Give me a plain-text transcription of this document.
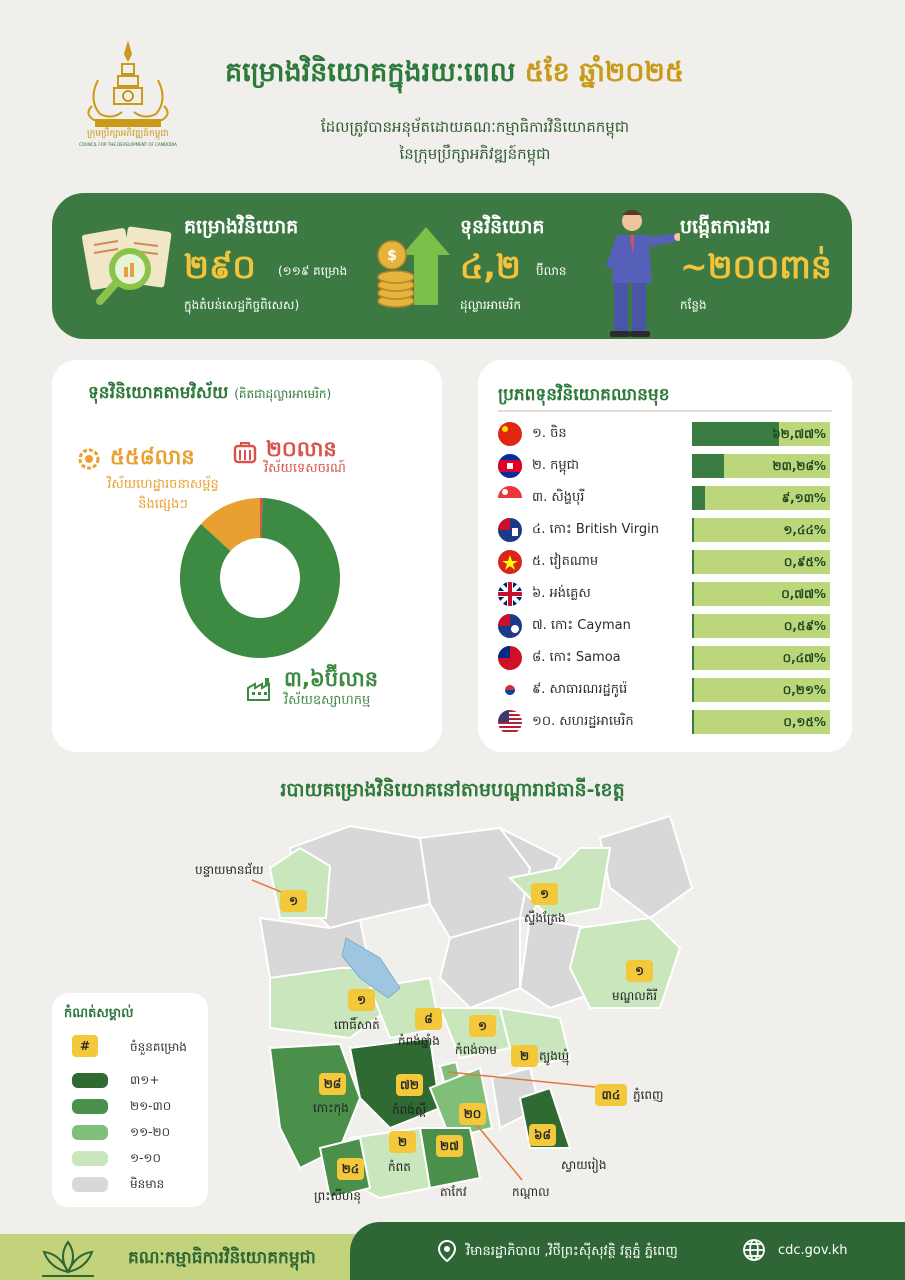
ក្រុមប្រឹក្សាអភិវឌ្ឍន៍កម្ពុជា
COUNCIL FOR THE DEVELOPMENT OF CAMBODIA
គម្រោងវិនិយោគក្នុងរយៈពេល ៥ខែ ឆ្នាំ២០២៥
ដែលត្រូវបានអនុម័តដោយគណៈកម្មាធិការវិនិយោគកម្ពុជា
នៃក្រុមប្រឹក្សាអភិវឌ្ឍន៍កម្ពុជា
គម្រោងវិនិយោគ
២៩០ (១១៩ គម្រោង
ក្នុងតំបន់សេដ្ឋកិច្ចពិសេស)
$
ទុនវិនិយោគ
៤,២ ប៊ីលាន
ដុល្លារអាមេរិក
បង្កើតការងារ
~២០០ពាន់
កន្លែង
ទុនវិនិយោគតាមវិស័យ (គិតជាដុល្លារអាមេរិក)
៥៥៨លាន
វិស័យហេដ្ឋារចនាសម្ព័ន្ធ
និងផ្សេងៗ
២០លាន
វិស័យទេសចរណ៍
៣,៦ប៊ីលាន
វិស័យឧស្សាហកម្ម
ប្រភពទុនវិនិយោគឈានមុខ
១. ចិន	៦២,៧៧%
២. កម្ពុជា	២៣,២៨%
៣. សិង្ហបុរី	៩,១៣%
៤. កោះ British Virgin	១,៤៤%
៥. វៀតណាម	០,៩៥%
៦. អង់គ្លេស	០,៧៧%
៧. កោះ Cayman	០,៥៩%
៨. កោះ Samoa	០,៤៧%
៩. សាធារណរដ្ឋកូរ៉េ	០,២១%
១០. សហរដ្ឋអាមេរិក	០,១៥%
របាយគម្រោងវិនិយោគនៅតាមបណ្តារាជធានី-ខេត្ត
១
បន្ទាយមានជ័យ
១
ស្ទឹងត្រែង
១
មណ្ឌលគិរី
១
ពោធិ៍សាត់	៨
កំពង់ឆ្នាំង
១
កំពង់ចាម	២ ត្បូងឃ្មុំ
២៨
កោះកុង
៧២
កំពង់ស្ពឺ
៣៤	ភ្នំពេញ
២០
កណ្តាល
៦៨
ស្វាយរៀង
២
កំពត
២៧
តាកែវ
២៤
ព្រះសីហនុ
កំណត់សម្គាល់
#	ចំនួនគម្រោង
៣១+
២១-៣០
១១-២០
១-១០
មិនមាន
គណៈកម្មាធិការវិនិយោគកម្ពុជា	វិមានរដ្ឋាភិបាល ,វិថីព្រះស៊ីសុវត្ថិ វត្តភ្នំ ភ្នំពេញ	cdc.gov.kh
